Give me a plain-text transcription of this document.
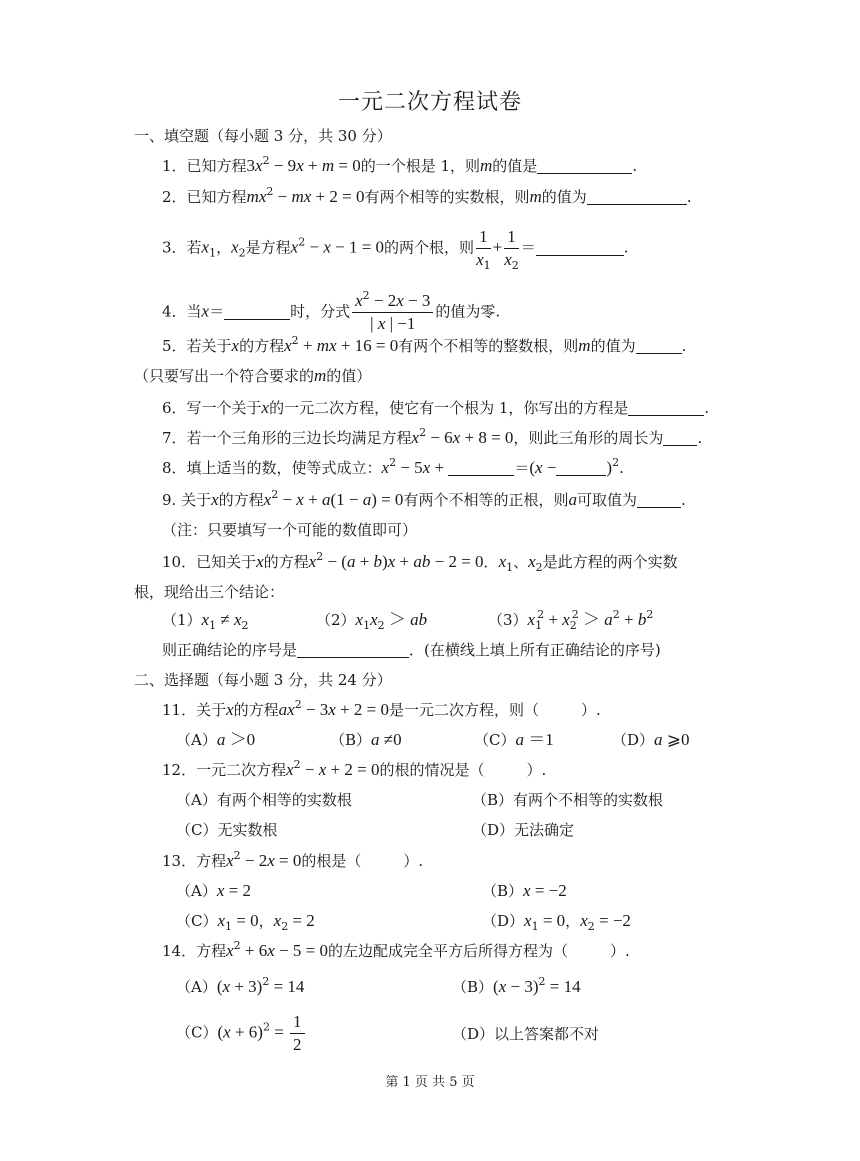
一元二次方程试卷
一、填空题（每小题 3 分，共 30 分）
1．已知方程$3x^2 - 9x + m = 0$的一个根是 1，则m的值是	.
2．已知方程$mx^2$ − mx + 2 = 0有两个相等的实数根，则m的值为	.
3．若$x_1$，$x_2$是方程$x^2 - x - 1 = 0$的两个根，则 $\frac{1}{x_1} + \frac{1}{x_2}$ ＝	.
4．当x＝	时，分式 $\frac{x^2 - 2x - 3}{| x | -1}$ 的值为零.
5．若关于x的方程$x^2$ + mx + 16 = 0有两个不相等的整数根，则m的值为	.
（只要写出一个符合要求的m的值）
6．写一个关于x的一元二次方程，使它有一个根为 1，你写出的方程是	.
7．若一个三角形的三边长均满足方程$x^2 - 6x + 8 = 0$，则此三角形的周长为 .
8．填上适当的数，使等式成立：$x^2 - 5x$ +	＝(x −	)$^2$.
9. 关于x的方程$x^2 - x + a(1 - a) = 0$有两个不相等的正根，则a可取值为	.
（注：只要填写一个可能的数值即可）
10．已知关于x的方程$x^2 - (a + b)x$ + ab − 2 = 0．$x_1$、$x_2$是此方程的两个实数
根，现给出三个结论：
$(1)x_1 \ne x_2$	$(2)x_1x_2$ ＞ ab	$(3)x_1^2 + x_2^2 > a^2 + b^2$
则正确结论的序号是	．(在横线上填上所有正确结论的序号)
二、选择题（每小题 3 分，共 24 分）
11．关于x的方程$ax^2 - 3x + 2 = 0$是一元二次方程，则（	）.
（A）a ＞0	（B）a ≠0	（C）a ＝1	（D）a ⩾0
12．一元二次方程$x^2 - x + 2 = 0$的根的情况是（	）.
（A）有两个相等的实数根	（B）有两个不相等的实数根
（C）无实数根	（D）无法确定
13．方程$x^2 - 2x = 0$的根是（	）.
（A）x = 2	（B）x = −2
$(C)x_1 = 0$，$x_2 = 2$	$(D)x_1 = 0$，$x_2 = -2$
14．方程$x^2 + 6x - 5 = 0$的左边配成完全平方后所得方程为（	）.
$(A)(x + 3)^2 = 14$	$(B)(x - 3)^2 = 14$
$(C)(x + 6)^2 = \frac{1}{2}$	（D）以上答案都不对
第 1 页 共 5 页
